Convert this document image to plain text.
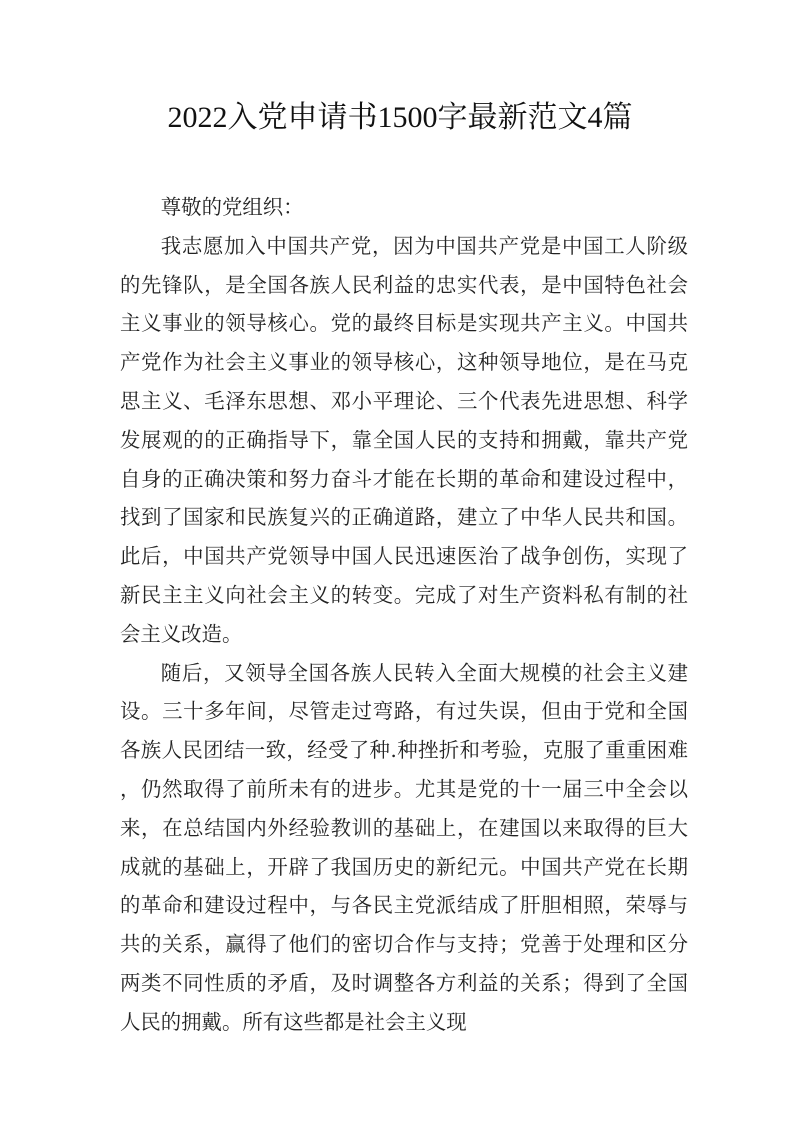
2022入党申请书1500字最新范文4篇

尊敬的党组织：

我志愿加入中国共产党，因为中国共产党是中国工人阶级的先锋队，是全国各族人民利益的忠实代表，是中国特色社会主义事业的领导核心。党的最终目标是实现共产主义。中国共产党作为社会主义事业的领导核心，这种领导地位，是在马克思主义、毛泽东思想、邓小平理论、三个代表先进思想、科学发展观的的正确指导下，靠全国人民的支持和拥戴，靠共产党自身的正确决策和努力奋斗才能在长期的革命和建设过程中，找到了国家和民族复兴的正确道路，建立了中华人民共和国。此后，中国共产党领导中国人民迅速医治了战争创伤，实现了新民主主义向社会主义的转变。完成了对生产资料私有制的社会主义改造。

随后，又领导全国各族人民转入全面大规模的社会主义建设。三十多年间，尽管走过弯路，有过失误，但由于党和全国各族人民团结一致，经受了种.种挫折和考验，克服了重重困难，仍然取得了前所未有的进步。尤其是党的十一届三中全会以来，在总结国内外经验教训的基础上，在建国以来取得的巨大成就的基础上，开辟了我国历史的新纪元。中国共产党在长期的革命和建设过程中，与各民主党派结成了肝胆相照，荣辱与共的关系，赢得了他们的密切合作与支持；党善于处理和区分两类不同性质的矛盾，及时调整各方利益的关系；得到了全国人民的拥戴。所有这些都是社会主义现
